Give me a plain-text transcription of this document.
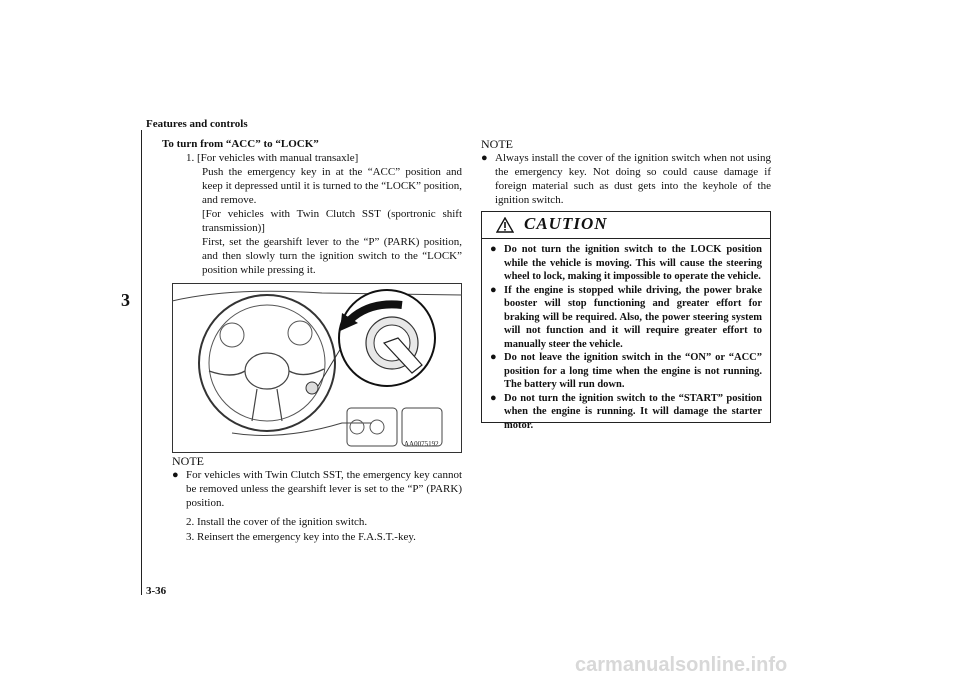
Features and controls
3
To turn from “ACC” to “LOCK”
1. [For vehicles with manual transaxle]
Push the emergency key in at the “ACC” position and keep it depressed until it is turned to the “LOCK” position, and remove.
[For vehicles with Twin Clutch SST (sportronic shift transmission)]
First, set the gearshift lever to the “P” (PARK) position, and then slowly turn the ignition switch to the “LOCK” position while pressing it.
AA0075192
NOTE
● For vehicles with Twin Clutch SST, the emergency key cannot be removed unless the gearshift lever is set to the “P” (PARK) position.
2. Install the cover of the ignition switch.
3. Reinsert the emergency key into the F.A.S.T.-key.
NOTE
● Always install the cover of the ignition switch when not using the emergency key. Not doing so could cause damage if foreign material such as dust gets into the keyhole of the ignition switch.
CAUTION
● Do not turn the ignition switch to the LOCK position while the vehicle is moving. This will cause the steering wheel to lock, making it impossible to operate the vehicle.
● If the engine is stopped while driving, the power brake booster will stop functioning and greater effort for braking will be required. Also, the power steering system will not function and it will require greater effort to manually steer the vehicle.
● Do not leave the ignition switch in the “ON” or “ACC” position for a long time when the engine is not running. The battery will run down.
● Do not turn the ignition switch to the “START” position when the engine is running. It will damage the starter motor.
3-36
carmanualsonline.info
